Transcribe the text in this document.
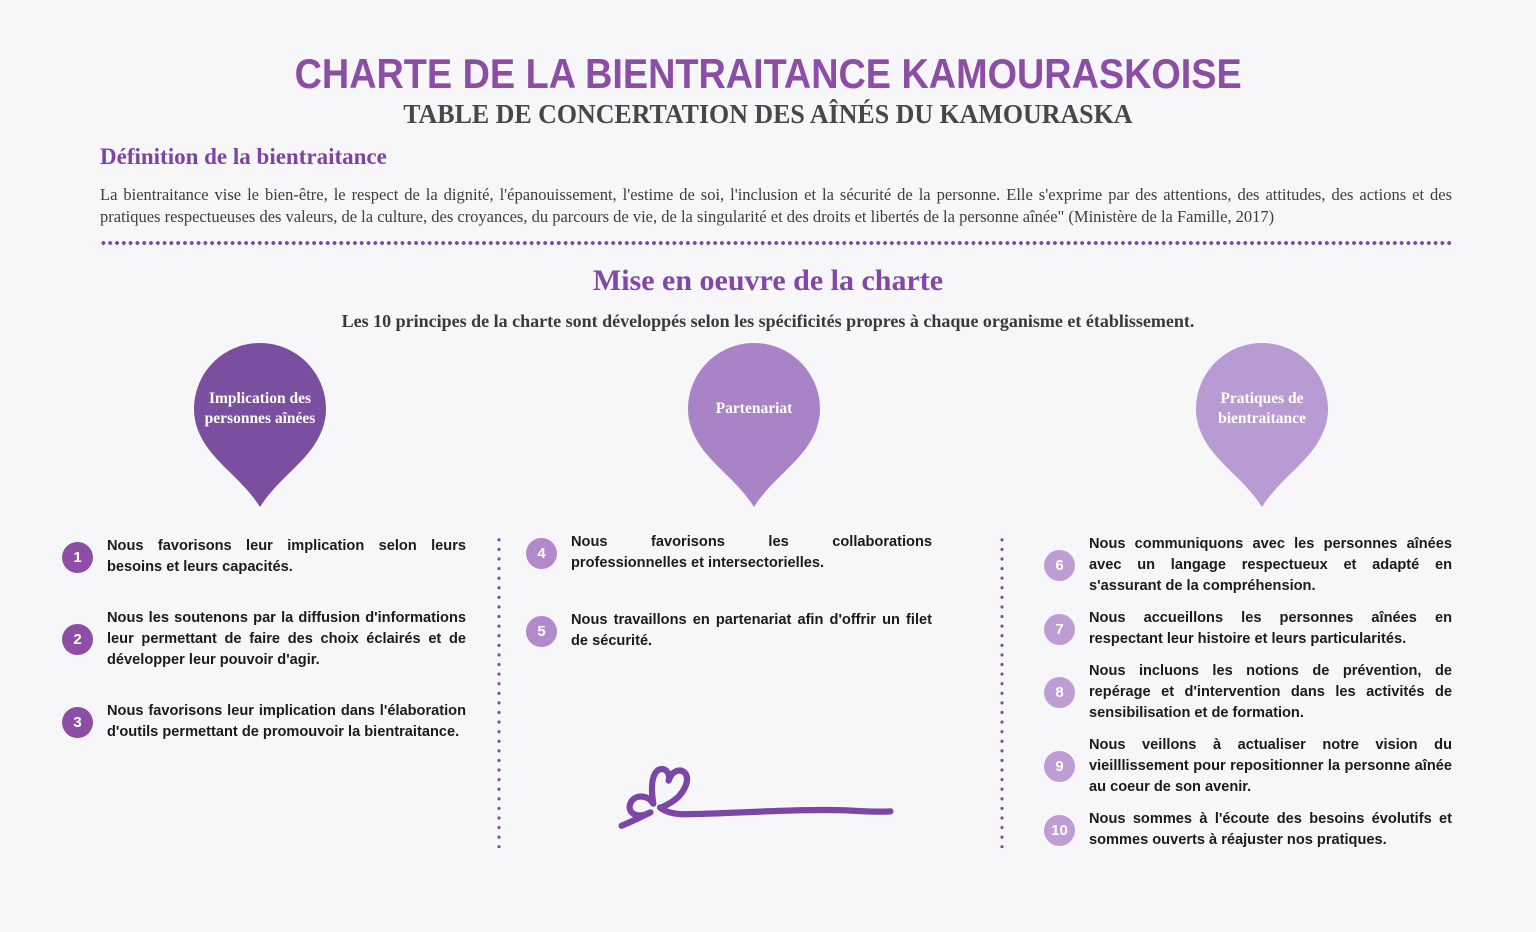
CHARTE DE LA BIENTRAITANCE KAMOURASKOISE
TABLE DE CONCERTATION DES AÎNÉS DU KAMOURASKA
Définition de la bientraitance

La bientraitance vise le bien-être, le respect de la dignité, l'épanouissement, l'estime de soi, l'inclusion et la sécurité de la personne. Elle s'exprime par des attentions, des attitudes, des actions et des pratiques respectueuses des valeurs, de la culture, des croyances, du parcours de vie, de la singularité et des droits et libertés de la personne aînée" (Ministère de la Famille, 2017)

Mise en oeuvre de la charte

Les 10 principes de la charte sont développés selon les spécificités propres à chaque organisme et établissement.

Implication des personnes aînées
Partenariat
Pratiques de bientraitance
1
Nous favorisons leur implication selon leurs besoins et leurs capacités.
2
Nous les soutenons par la diffusion d'informations leur permettant de faire des choix éclairés et de développer leur pouvoir d'agir.
3
Nous favorisons leur implication dans l'élaboration d'outils permettant de promouvoir la bientraitance.
4
Nous favorisons les collaborations professionnelles et intersectorielles.
5
Nous travaillons en partenariat afin d'offrir un filet de sécurité.
6
Nous communiquons avec les personnes aînées avec un langage respectueux et adapté en s'assurant de la compréhension.
7
Nous accueillons les personnes aînées en respectant leur histoire et leurs particularités.
8
Nous incluons les notions de prévention, de repérage et d'intervention dans les activités de sensibilisation et de formation.
9
Nous veillons à actualiser notre vision du vieilllissement pour repositionner la personne aînée au coeur de son avenir.
10
Nous sommes à l'écoute des besoins évolutifs et sommes ouverts à réajuster nos pratiques.
